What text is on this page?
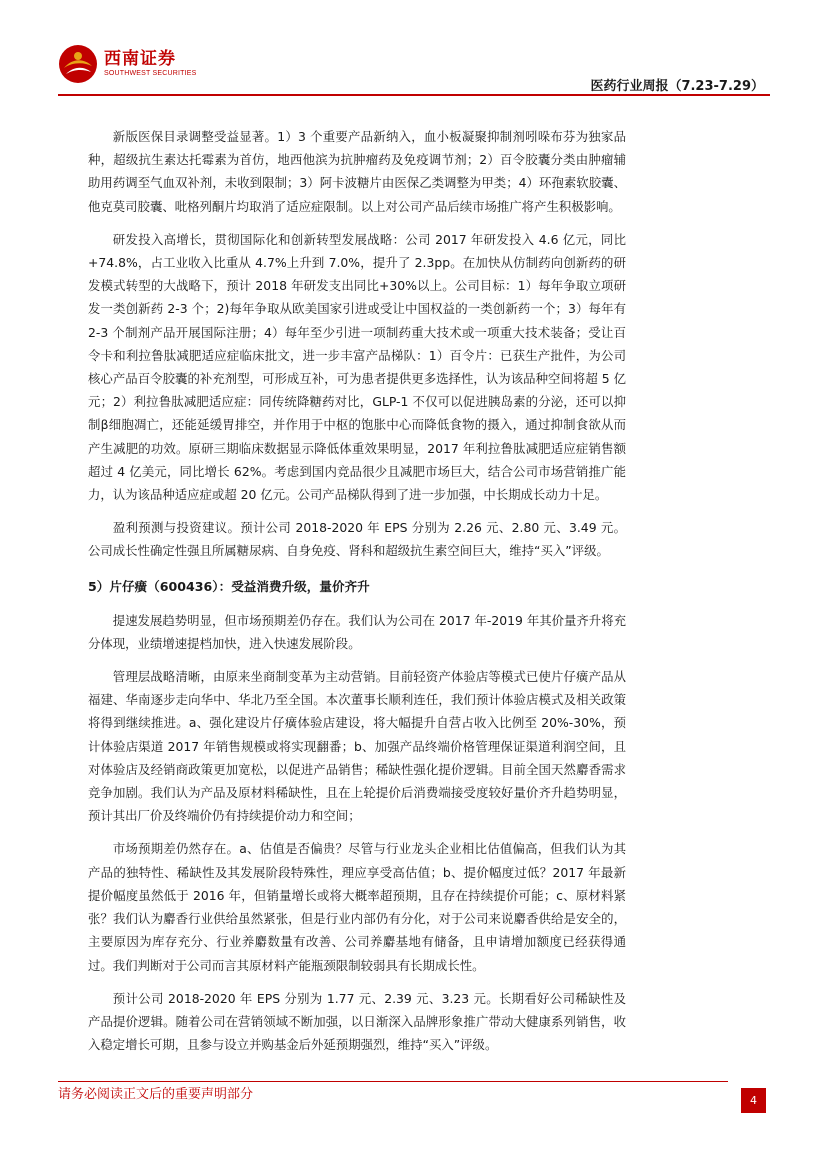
西南证券
SOUTHWEST SECURITIES
医药行业周报（7.23-7.29）

新版医保目录调整受益显著。1）3 个重要产品新纳入，血小板凝聚抑制剂吲哚布芬为独家品种，超级抗生素达托霉素为首仿，地西他滨为抗肿瘤药及免疫调节剂；2）百令胶囊分类由肿瘤辅助用药调至气血双补剂，未收到限制；3）阿卡波糖片由医保乙类调整为甲类；4）环孢素软胶囊、他克莫司胶囊、吡格列酮片均取消了适应症限制。以上对公司产品后续市场推广将产生积极影响。

研发投入高增长，贯彻国际化和创新转型发展战略：公司 2017 年研发投入 4.6 亿元，同比+74.8%，占工业收入比重从 4.7%上升到 7.0%，提升了 2.3pp。在加快从仿制药向创新药的研发模式转型的大战略下，预计 2018 年研发支出同比+30%以上。公司目标：1）每年争取立项研发一类创新药 2-3 个；2)每年争取从欧美国家引进或受让中国权益的一类创新药一个；3）每年有 2-3 个制剂产品开展国际注册；4）每年至少引进一项制药重大技术或一项重大技术装备；受让百令卡和利拉鲁肽减肥适应症临床批文，进一步丰富产品梯队：1）百令片：已获生产批件，为公司核心产品百令胶囊的补充剂型，可形成互补，可为患者提供更多选择性，认为该品种空间将超 5 亿元；2）利拉鲁肽减肥适应症：同传统降糖药对比，GLP-1 不仅可以促进胰岛素的分泌，还可以抑制β细胞凋亡，还能延缓胃排空，并作用于中枢的饱胀中心而降低食物的摄入，通过抑制食欲从而产生减肥的功效。原研三期临床数据显示降低体重效果明显，2017 年利拉鲁肽减肥适应症销售额超过 4 亿美元，同比增长 62%。考虑到国内竞品很少且减肥市场巨大，结合公司市场营销推广能力，认为该品种适应症或超 20 亿元。公司产品梯队得到了进一步加强，中长期成长动力十足。

盈利预测与投资建议。预计公司 2018-2020 年 EPS 分别为 2.26 元、2.80 元、3.49 元。公司成长性确定性强且所属糖尿病、自身免疫、肾科和超级抗生素空间巨大，维持“买入”评级。

5）片仔癀（600436）：受益消费升级，量价齐升

提速发展趋势明显，但市场预期差仍存在。我们认为公司在 2017 年-2019 年其价量齐升将充分体现，业绩增速提档加快，进入快速发展阶段。

管理层战略清晰，由原来坐商制变革为主动营销。目前轻资产体验店等模式已使片仔癀产品从福建、华南逐步走向华中、华北乃至全国。本次董事长顺利连任，我们预计体验店模式及相关政策将得到继续推进。a、强化建设片仔癀体验店建设，将大幅提升自营占收入比例至 20%-30%，预计体验店渠道 2017 年销售规模或将实现翻番；b、加强产品终端价格管理保证渠道利润空间，且对体验店及经销商政策更加宽松，以促进产品销售；稀缺性强化提价逻辑。目前全国天然麝香需求竞争加剧。我们认为产品及原材料稀缺性，且在上轮提价后消费端接受度较好量价齐升趋势明显，预计其出厂价及终端价仍有持续提价动力和空间；

市场预期差仍然存在。a、估值是否偏贵？尽管与行业龙头企业相比估值偏高，但我们认为其产品的独特性、稀缺性及其发展阶段特殊性，理应享受高估值；b、提价幅度过低？2017 年最新提价幅度虽然低于 2016 年，但销量增长或将大概率超预期，且存在持续提价可能；c、原材料紧张？我们认为麝香行业供给虽然紧张，但是行业内部仍有分化，对于公司来说麝香供给是安全的，主要原因为库存充分、行业养麝数量有改善、公司养麝基地有储备，且申请增加额度已经获得通过。我们判断对于公司而言其原材料产能瓶颈限制较弱具有长期成长性。

预计公司 2018-2020 年 EPS 分别为 1.77 元、2.39 元、3.23 元。长期看好公司稀缺性及产品提价逻辑。随着公司在营销领域不断加强，以日渐深入品牌形象推广带动大健康系列销售，收入稳定增长可期，且参与设立并购基金后外延预期强烈，维持“买入”评级。

请务必阅读正文后的重要声明部分	4
